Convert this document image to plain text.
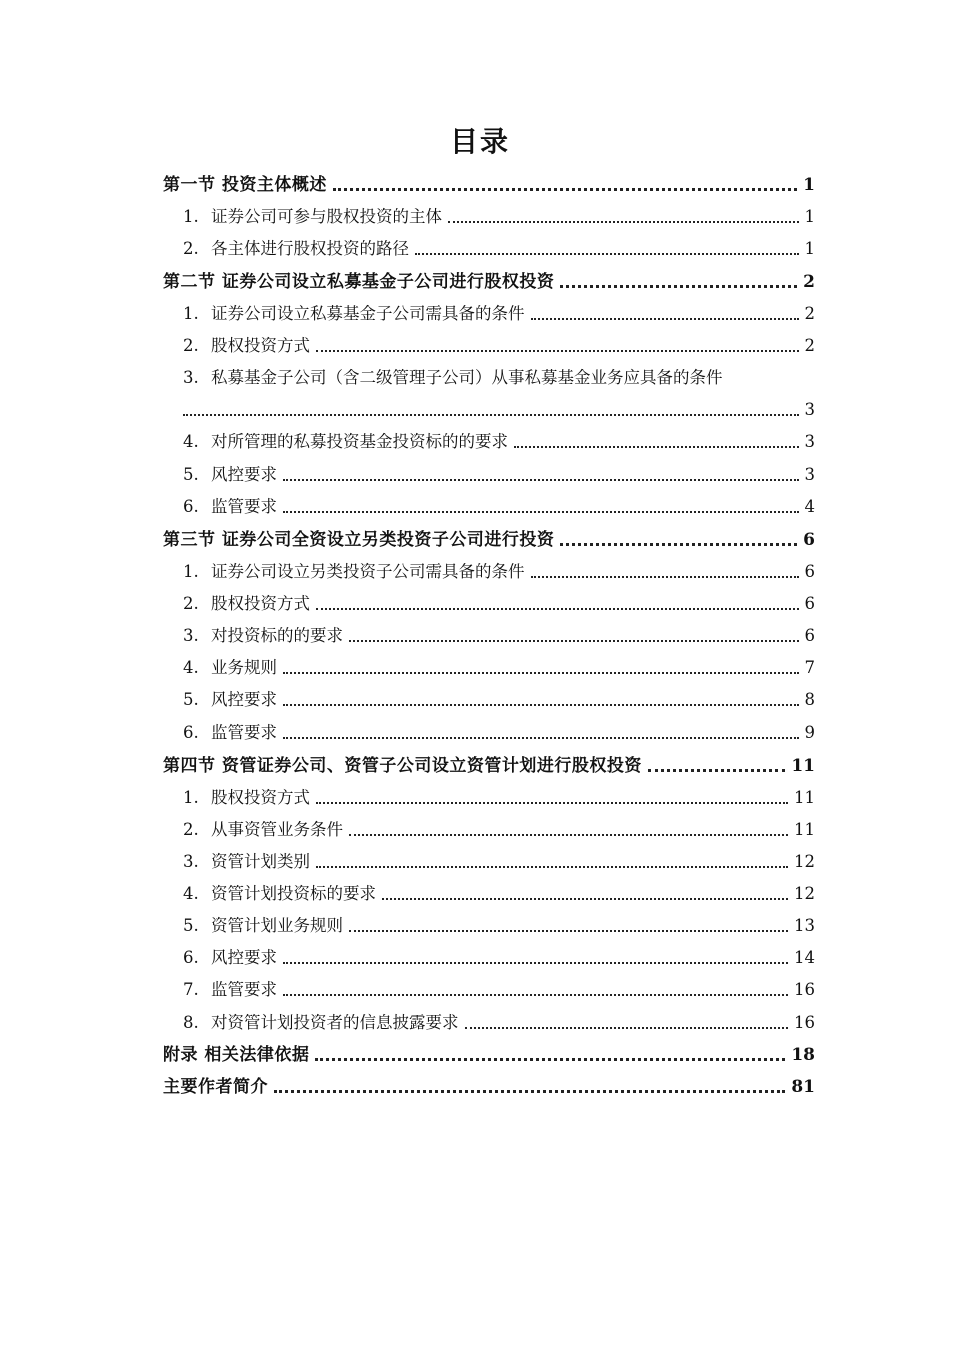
目录
第一节 投资主体概述	1
1. 证券公司可参与股权投资的主体	1
2. 各主体进行股权投资的路径	1
第二节 证券公司设立私募基金子公司进行股权投资	2
1. 证券公司设立私募基金子公司需具备的条件	2
2. 股权投资方式	2
3. 私募基金子公司（含二级管理子公司）从事私募基金业务应具备的条件
3
4. 对所管理的私募投资基金投资标的的要求	3
5. 风控要求	3
6. 监管要求	4
第三节 证券公司全资设立另类投资子公司进行投资	6
1. 证券公司设立另类投资子公司需具备的条件	6
2. 股权投资方式	6
3. 对投资标的的要求	6
4. 业务规则	7
5. 风控要求	8
6. 监管要求	9
第四节 资管证券公司、资管子公司设立资管计划进行股权投资	11
1. 股权投资方式	11
2. 从事资管业务条件	11
3. 资管计划类别	12
4. 资管计划投资标的要求	12
5. 资管计划业务规则	13
6. 风控要求	14
7. 监管要求	16
8. 对资管计划投资者的信息披露要求	16
附录 相关法律依据	18
主要作者简介	81
